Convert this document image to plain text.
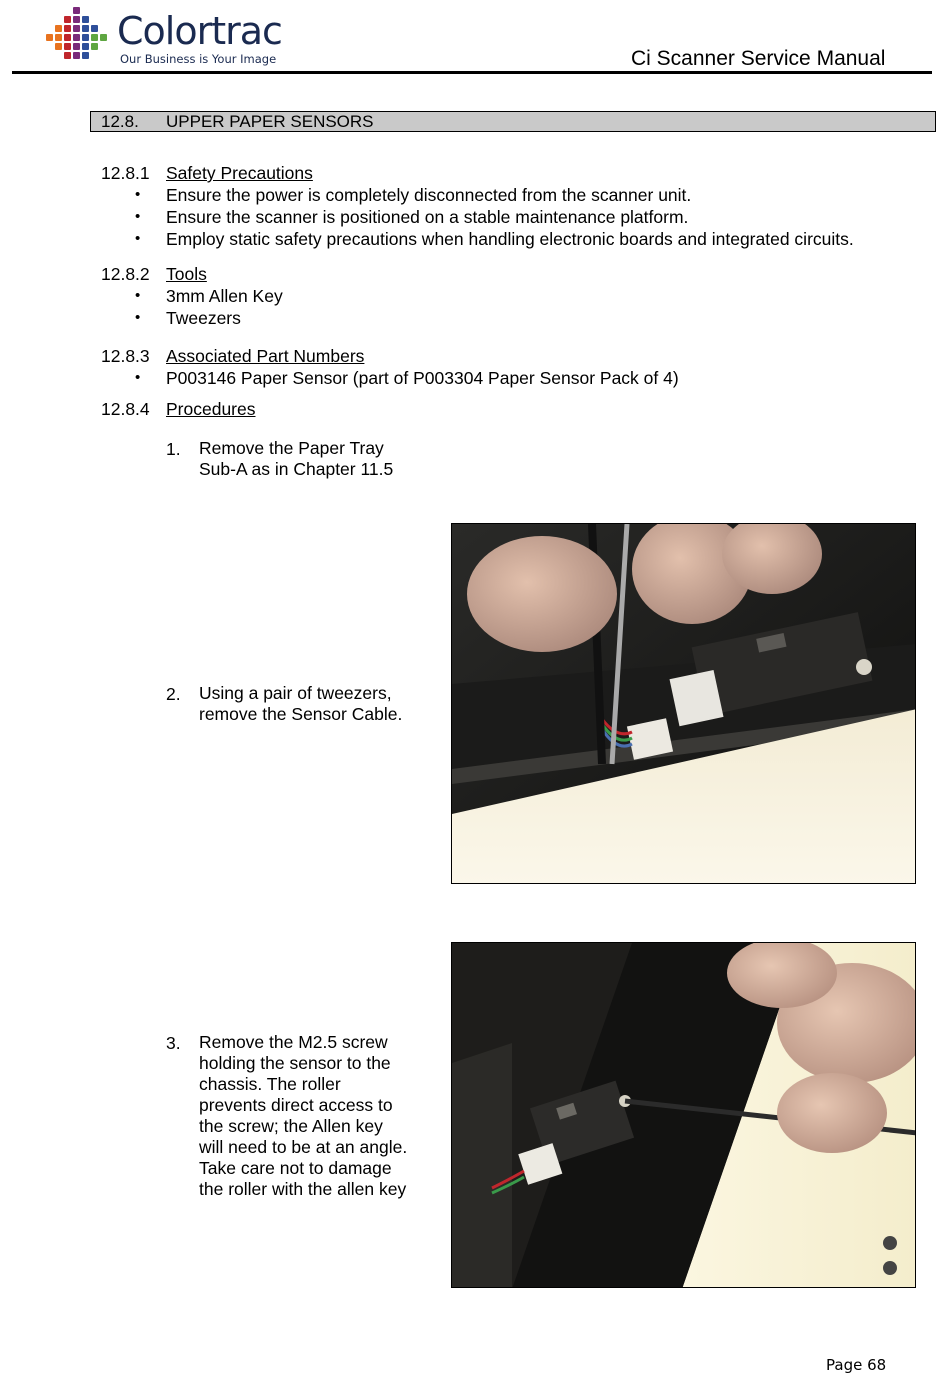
Colortrac
Our Business is Your Image	Ci Scanner Service Manual
12.8. UPPER PAPER SENSORS
12.8.1 Safety Precautions
• Ensure the power is completely disconnected from the scanner unit.
• Ensure the scanner is positioned on a stable maintenance platform.
• Employ static safety precautions when handling electronic boards and integrated circuits.
12.8.2 Tools
• 3mm Allen Key
• Tweezers
12.8.3 Associated Part Numbers
• P003146 Paper Sensor (part of P003304 Paper Sensor Pack of 4)
12.8.4 Procedures
1. Remove the Paper Tray
Sub-A as in Chapter 11.5
2. Using a pair of tweezers,
remove the Sensor Cable.
3. Remove the M2.5 screw
holding the sensor to the
chassis. The roller
prevents direct access to
the screw; the Allen key
will need to be at an angle.
Take care not to damage
the roller with the allen key
Page 68
